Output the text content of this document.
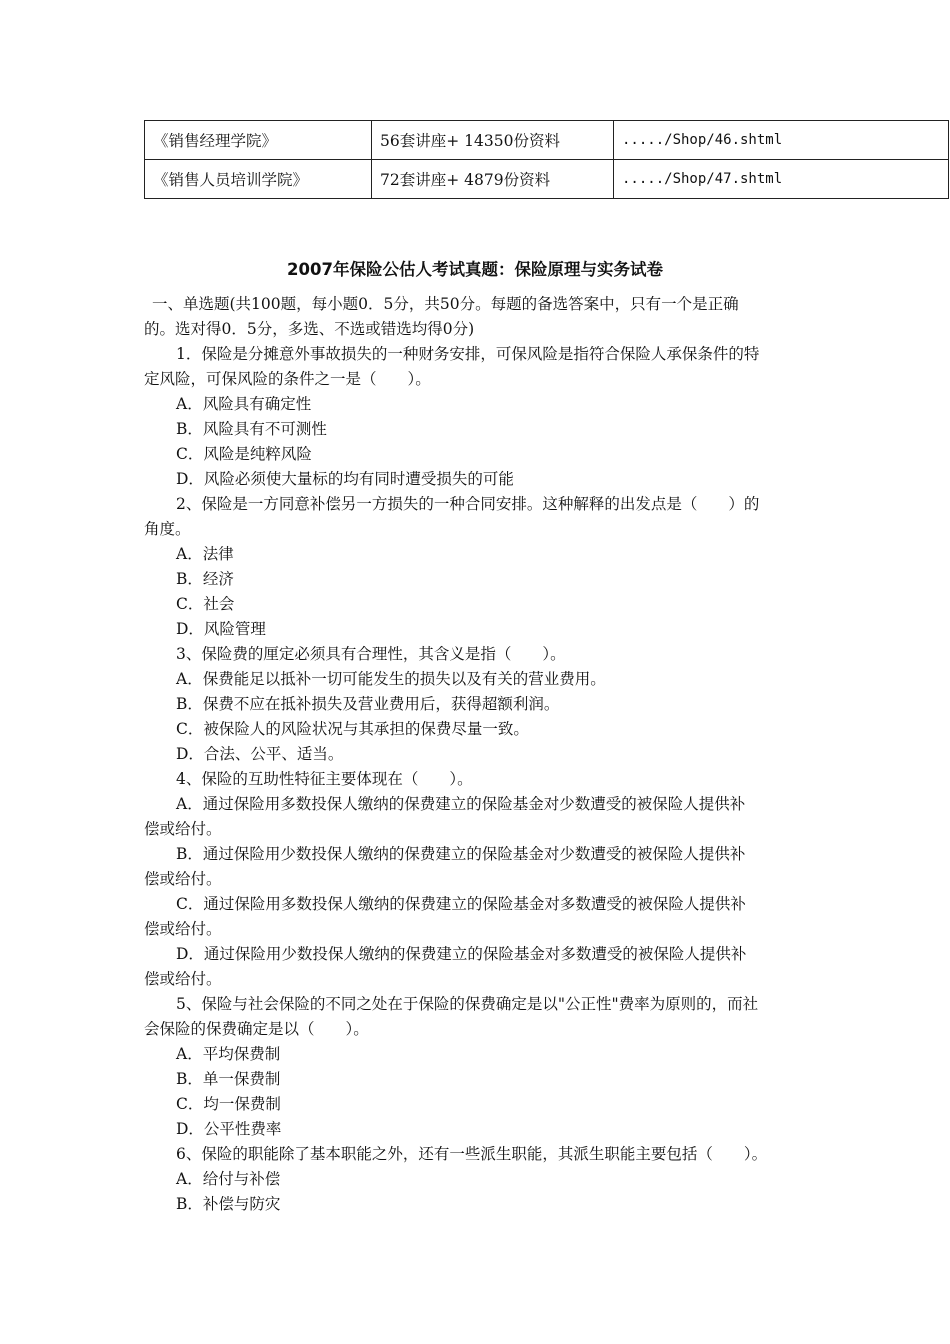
《销售经理学院》	56套讲座+ 14350份资料	...../Shop/46.shtml
《销售人员培训学院》	72套讲座+ 4879份资料	...../Shop/47.shtml
2007年保险公估人考试真题：保险原理与实务试卷

一、单选题(共100题，每小题0．5分，共50分。每题的备选答案中，只有一个是正确

的。选对得0．5分，多选、不选或错选均得0分)

1．保险是分摊意外事故损失的一种财务安排，可保风险是指符合保险人承保条件的特

定风险，可保风险的条件之一是（　　）。

A．风险具有确定性

B．风险具有不可测性

C．风险是纯粹风险

D．风险必须使大量标的均有同时遭受损失的可能

2、保险是一方同意补偿另一方损失的一种合同安排。这种解释的出发点是（　　）的

角度。

A．法律

B．经济

C．社会

D．风险管理

3、保险费的厘定必须具有合理性，其含义是指（　　）。

A．保费能足以抵补一切可能发生的损失以及有关的营业费用。

B．保费不应在抵补损失及营业费用后，获得超额利润。

C．被保险人的风险状况与其承担的保费尽量一致。

D．合法、公平、适当。

4、保险的互助性特征主要体现在（　　）。

A．通过保险用多数投保人缴纳的保费建立的保险基金对少数遭受的被保险人提供补

偿或给付。

B．通过保险用少数投保人缴纳的保费建立的保险基金对少数遭受的被保险人提供补

偿或给付。

C．通过保险用多数投保人缴纳的保费建立的保险基金对多数遭受的被保险人提供补

偿或给付。

D．通过保险用少数投保人缴纳的保费建立的保险基金对多数遭受的被保险人提供补

偿或给付。

5、保险与社会保险的不同之处在于保险的保费确定是以"公正性"费率为原则的，而社

会保险的保费确定是以（　　）。

A．平均保费制

B．单一保费制

C．均一保费制

D．公平性费率

6、保险的职能除了基本职能之外，还有一些派生职能，其派生职能主要包括（　　）。

A．给付与补偿

B．补偿与防灾
